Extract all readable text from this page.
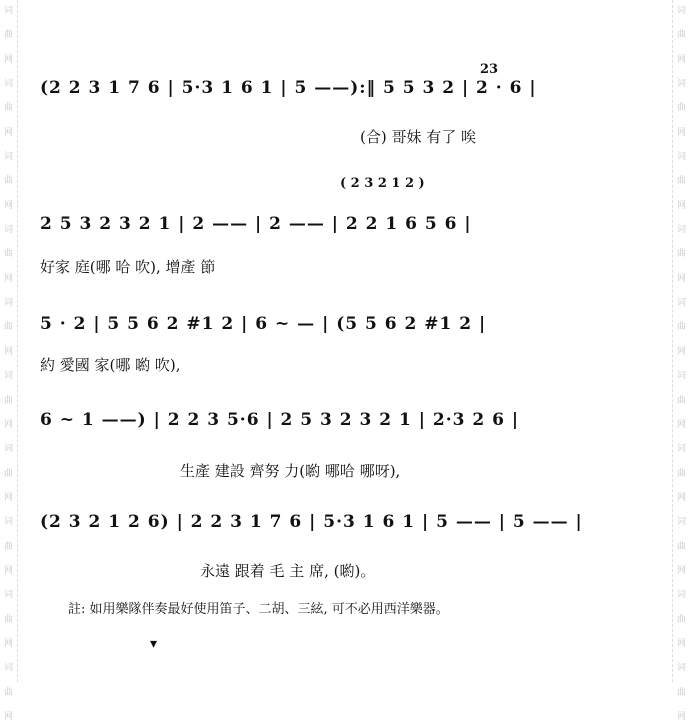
词
曲
网
词
曲
网
词
曲
网
词
曲
网
词
曲
网
词
曲
网
词
曲
网
词
曲
网
词
曲
网
词
曲
网
词
曲
网
词
曲
网
词
曲
网
词
曲
网
词
曲
网
词
曲
网
词
曲
网
词
曲
网
词
曲
网
词
曲
网
23
(2 2 3 1 7 6 | 5·3 1 6 1 | 5 ——):‖ 5 5 3 2 | 2 · 6 |
(合) 哥妹 有了 唉
( 2 3 2 1 2 )
2 5 3 2 3 2 1 | 2 —— | 2 —— | 2 2 1 6 5 6 |
好家 庭(哪 哈 吹), 增產 節
5 · 2 | 5 5 6 2 #1 2 | 6 ~ — | (5 5 6 2 #1 2 |
約 愛國 家(哪 喲 吹),
6 ~ 1 ——) | 2 2 3 5·6 | 2 5 3 2 3 2 1 | 2·3 2 6 |
生產 建設 齊努 力(喲 哪哈 哪呀),
(2 3 2 1 2 6) | 2 2 3 1 7 6 | 5·3 1 6 1 | 5 —— | 5 —— |
永遠 跟着 毛 主 席, (喲)。
註: 如用樂隊伴奏最好使用笛子、二胡、三絃, 可不必用西洋樂器。
▾
